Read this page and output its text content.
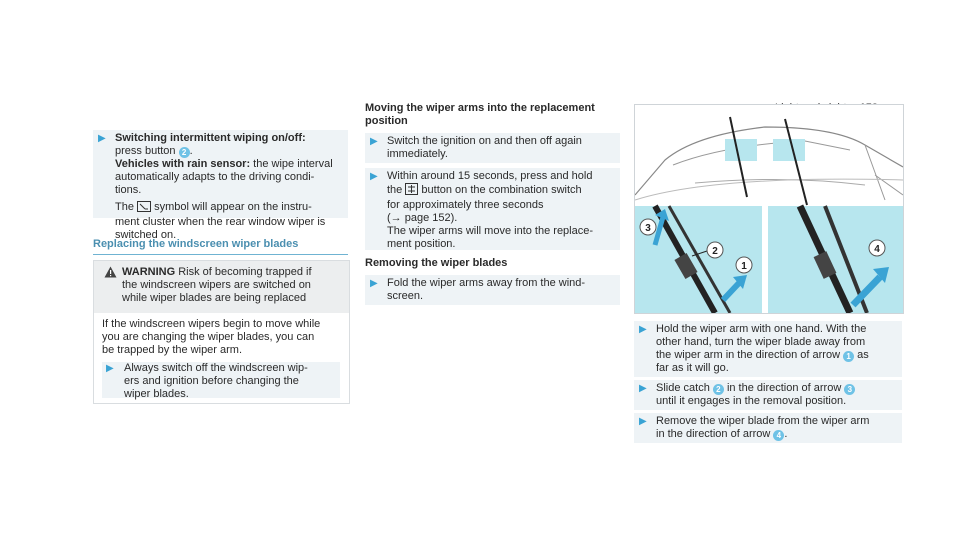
▶ Switching intermittent wiping on/off:
press button 2 .
Vehicles with rain sensor: the wipe interval
automatically adapts to the driving condi-
tions.
The symbol will appear on the instru-
ment cluster when the rear window wiper is
switched on.
Replacing the windscreen wiper blades
WARNING Risk of becoming trapped if
the windscreen wipers are switched on
while wiper blades are being replaced
If the windscreen wipers begin to move while
you are changing the wiper blades, you can
be trapped by the wiper arm.
▶ Always switch off the windscreen wip-
ers and ignition before changing the
wiper blades.
Moving the wiper arms into the replacement
position
▶ Switch the ignition on and then off again
immediately.
▶ Within around 15 seconds, press and hold
the button on the combination switch
for approximately three seconds
(→ page 152).
The wiper arms will move into the replace-
ment position.
Removing the wiper blades
▶ Fold the wiper arms away from the wind-
screen.
3
2
1
4
▶ Hold the wiper arm with one hand. With the
other hand, turn the wiper blade away from
the wiper arm in the direction of arrow 1 as
far as it will go.
▶ Slide catch 2 in the direction of arrow 3
until it engages in the removal position.
▶ Remove the wiper blade from the wiper arm
in the direction of arrow 4 .
